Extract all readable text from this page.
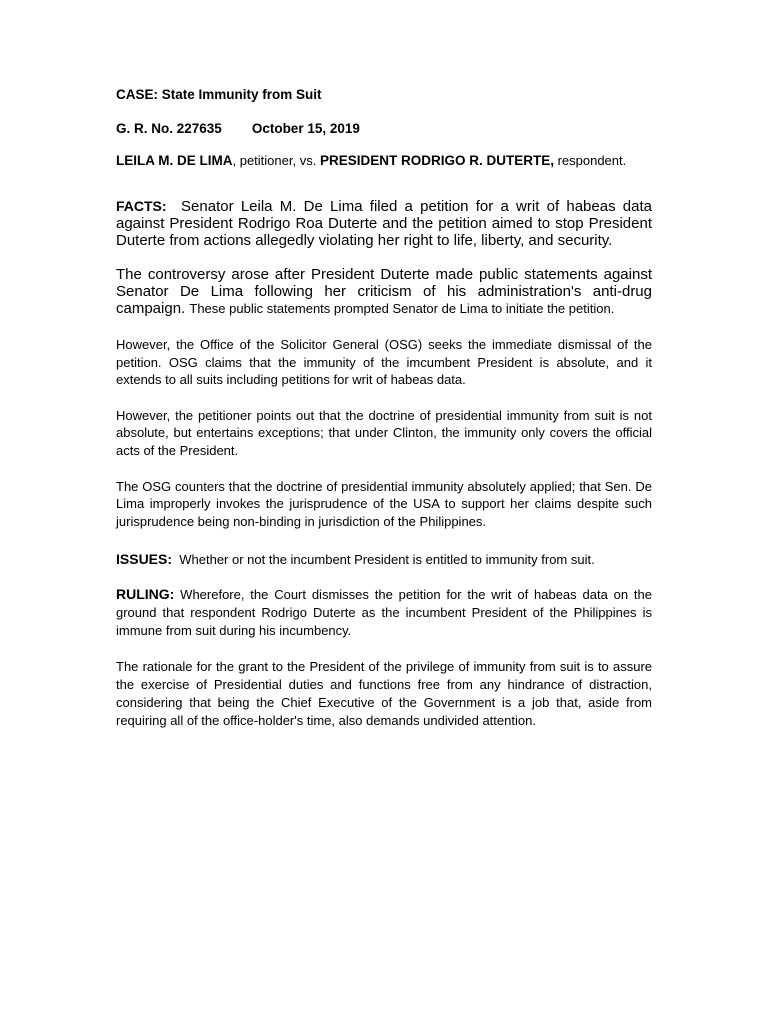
CASE: State Immunity from Suit
G. R. No. 227635 October 15, 2019
LEILA M. DE LIMA, petitioner, vs. PRESIDENT RODRIGO R. DUTERTE, respondent.

FACTS: Senator Leila M. De Lima filed a petition for a writ of habeas data against President Rodrigo Roa Duterte and the petition aimed to stop President Duterte from actions allegedly violating her right to life, liberty, and security.

The controversy arose after President Duterte made public statements against Senator De Lima following her criticism of his administration's anti-drug campaign. These public statements prompted Senator de Lima to initiate the petition.

However, the Office of the Solicitor General (OSG) seeks the immediate dismissal of the petition. OSG claims that the immunity of the imcumbent President is absolute, and it extends to all suits including petitions for writ of habeas data.

However, the petitioner points out that the doctrine of presidential immunity from suit is not absolute, but entertains exceptions; that under Clinton, the immunity only covers the official acts of the President.

The OSG counters that the doctrine of presidential immunity absolutely applied; that Sen. De Lima improperly invokes the jurisprudence of the USA to support her claims despite such jurisprudence being non-binding in jurisdiction of the Philippines.

ISSUES: Whether or not the incumbent President is entitled to immunity from suit.

RULING: Wherefore, the Court dismisses the petition for the writ of habeas data on the ground that respondent Rodrigo Duterte as the incumbent President of the Philippines is immune from suit during his incumbency.

The rationale for the grant to the President of the privilege of immunity from suit is to assure the exercise of Presidential duties and functions free from any hindrance of distraction, considering that being the Chief Executive of the Government is a job that, aside from requiring all of the office-holder's time, also demands undivided attention.
